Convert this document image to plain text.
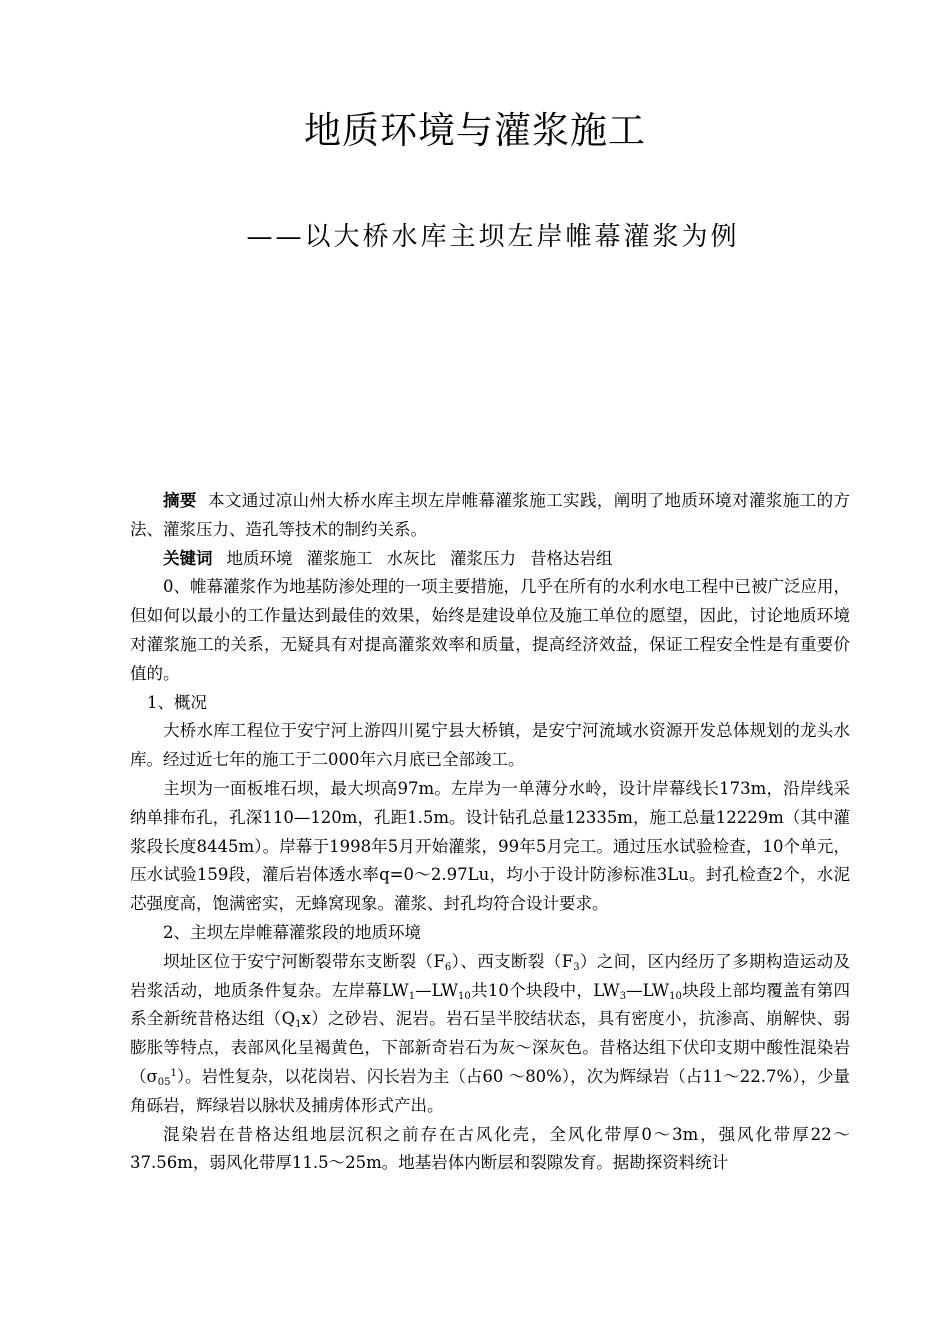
地质环境与灌浆施工
——以大桥水库主坝左岸帷幕灌浆为例

摘要 本文通过凉山州大桥水库主坝左岸帷幕灌浆施工实践，阐明了地质环境对灌浆施工的方法、灌浆压力、造孔等技术的制约关系。

关键词 地质环境 灌浆施工 水灰比 灌浆压力 昔格达岩组

0、帷幕灌浆作为地基防渗处理的一项主要措施，几乎在所有的水利水电工程中已被广泛应用，但如何以最小的工作量达到最佳的效果，始终是建设单位及施工单位的愿望，因此，讨论地质环境对灌浆施工的关系，无疑具有对提高灌浆效率和质量，提高经济效益，保证工程安全性是有重要价值的。

1、概况

大桥水库工程位于安宁河上游四川冕宁县大桥镇，是安宁河流域水资源开发总体规划的龙头水库。经过近七年的施工于二000年六月底已全部竣工。

主坝为一面板堆石坝，最大坝高97m。左岸为一单薄分水岭，设计岸幕线长173m，沿岸线采纳单排布孔，孔深110—120m，孔距1.5m。设计钻孔总量12335m，施工总量12229m（其中灌浆段长度8445m）。岸幕于1998年5月开始灌浆，99年5月完工。通过压水试验检查，10个单元，压水试验159段，灌后岩体透水率q=0～2.97Lu，均小于设计防渗标准3Lu。封孔检查2个，水泥芯强度高，饱满密实，无蜂窝现象。灌浆、封孔均符合设计要求。

2、主坝左岸帷幕灌浆段的地质环境

坝址区位于安宁河断裂带东支断裂$(F_6)$、西支断裂$(F_3)$之间，区内经历了多期构造运动及岩浆活动，地质条件复杂。左岸幕$LW_1—LW_{10}$共10个块段中，$LW_3—LW_{10}$块段上部均覆盖有第四系全新统昔格达组$(Q_1x)$之砂岩、泥岩。岩石呈半胶结状态，具有密度小，抗渗高、崩解快、弱膨胀等特点，表部风化呈褐黄色，下部新奇岩石为灰～深灰色。昔格达组下伏印支期中酸性混染岩　　$(\sigma_{05}^1)$。岩性复杂，以花岗岩、闪长岩为主（占60 ～80%），次为辉绿岩（占11～22.7%），少量角砾岩，辉绿岩以脉状及捕虏体形式产出。

混染岩在昔格达组地层沉积之前存在古风化壳，全风化带厚0～3m，强风化带厚22～37.56m，弱风化带厚11.5～25m。地基岩体内断层和裂隙发育。据勘探资料统计
